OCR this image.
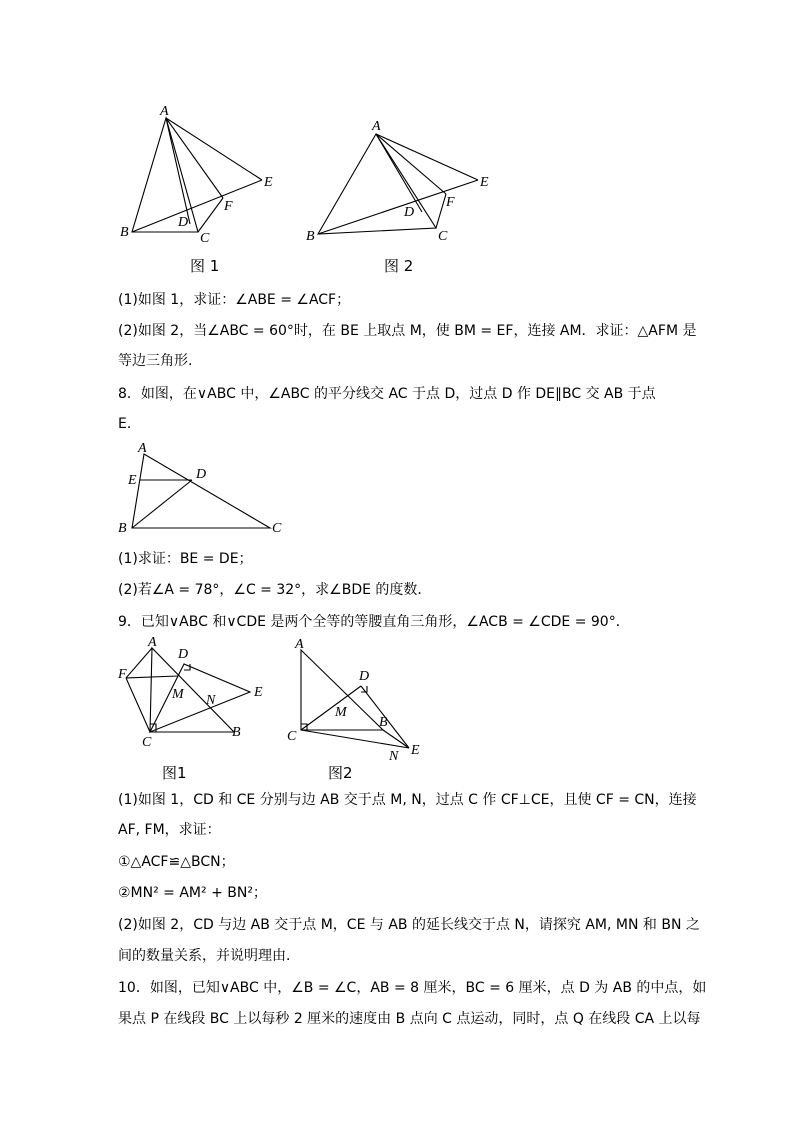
A
B	C
D
E
F
图 1
A
B	C
D
E
F
图 2
(1)如图 1，求证：∠ABE = ∠ACF；
(2)如图 2，当∠ABC = 60°时，在 BE 上取点 M，使 BM = EF，连接 AM．求证：△AFM 是
等边三角形.
8．如图，在∨ABC 中，∠ABC 的平分线交 AC 于点 D，过点 D 作 DE∥BC 交 AB 于点
E．
A
E	D
B	C
(1)求证：BE = DE；
(2)若∠A = 78°，∠C = 32°，求∠BDE 的度数．
9．已知∨ABC 和∨CDE 是两个全等的等腰直角三角形，∠ACB = ∠CDE = 90°．
A
D
F
M N
E
C
B
图1
A
D
M
B
C
N E
图2
(1)如图 1，CD 和 CE 分别与边 AB 交于点 M, N，过点 C 作 CF⊥CE，且使 CF = CN，连接
AF, FM，求证：
①△ACF≌△BCN；
②MN² = AM² + BN²；
(2)如图 2，CD 与边 AB 交于点 M，CE 与 AB 的延长线交于点 N，请探究 AM, MN 和 BN 之
间的数量关系，并说明理由．
10．如图，已知∨ABC 中，∠B = ∠C，AB = 8 厘米，BC = 6 厘米，点 D 为 AB 的中点，如
果点 P 在线段 BC 上以每秒 2 厘米的速度由 B 点向 C 点运动，同时，点 Q 在线段 CA 上以每
